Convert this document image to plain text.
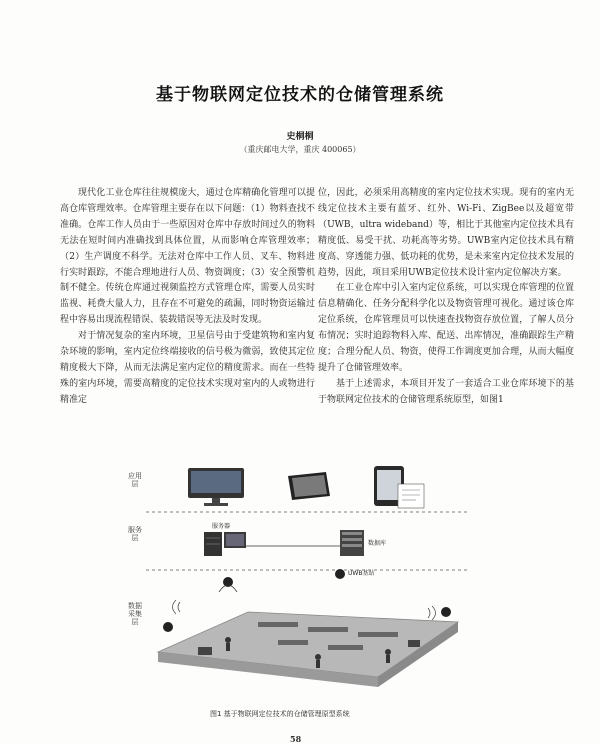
基于物联网定位技术的仓储管理系统
史桐桐
（重庆邮电大学，重庆 400065）

现代化工业仓库往往规模庞大，通过仓库精确化管理可以提高仓库管理效率。仓库管理主要存在以下问题：（1）物料查找不准确。仓库工作人员由于一些原因对仓库中存放时间过久的物料无法在短时间内准确找到具体位置，从而影响仓库管理效率；（2）生产调度不科学。无法对仓库中工作人员、叉车、物料进行实时跟踪，不能合理地进行人员、物资调度；（3）安全预警机制不健全。传统仓库通过视频监控方式管理仓库，需要人员实时监视、耗费大量人力，且存在不可避免的疏漏，同时物资运输过程中容易出现流程错误、装载错误等无法及时发现。

对于情况复杂的室内环境，卫星信号由于受建筑物和室内复杂环境的影响，室内定位终端接收的信号极为微弱，致使其定位精度极大下降，从而无法满足室内定位的精度需求。而在一些特殊的室内环境，需要高精度的定位技术实现对室内的人或物进行精准定

位，因此，必须采用高精度的室内定位技术实现。现有的室内无线定位技术主要有蓝牙、红外、Wi-Fi、ZigBee以及超宽带（UWB，ultra wideband）等，相比于其他室内定位技术具有精度低、易受干扰、功耗高等劣势。UWB室内定位技术具有精度高、穿透能力强、低功耗的优势，是未来室内定位技术发展的趋势，因此，项目采用UWB定位技术设计室内定位解决方案。

在工业仓库中引入室内定位系统，可以实现仓库管理的位置信息精确化、任务分配科学化以及物资管理可视化。通过该仓库定位系统，仓库管理员可以快速查找物资存放位置，了解人员分布情况；实时追踪物料入库、配送、出库情况，准确跟踪生产精度；合理分配人员、物资，使得工作调度更加合理，从而大幅度提升了仓储管理效率。

基于上述需求，本项目开发了一套适合工业仓库环境下的基于物联网定位技术的仓储管理系统原型，如图1

应用层
服务层
数据采集层
服务器
数据库
UWB基站
图1 基于物联网定位技术的仓储管理原型系统
58
